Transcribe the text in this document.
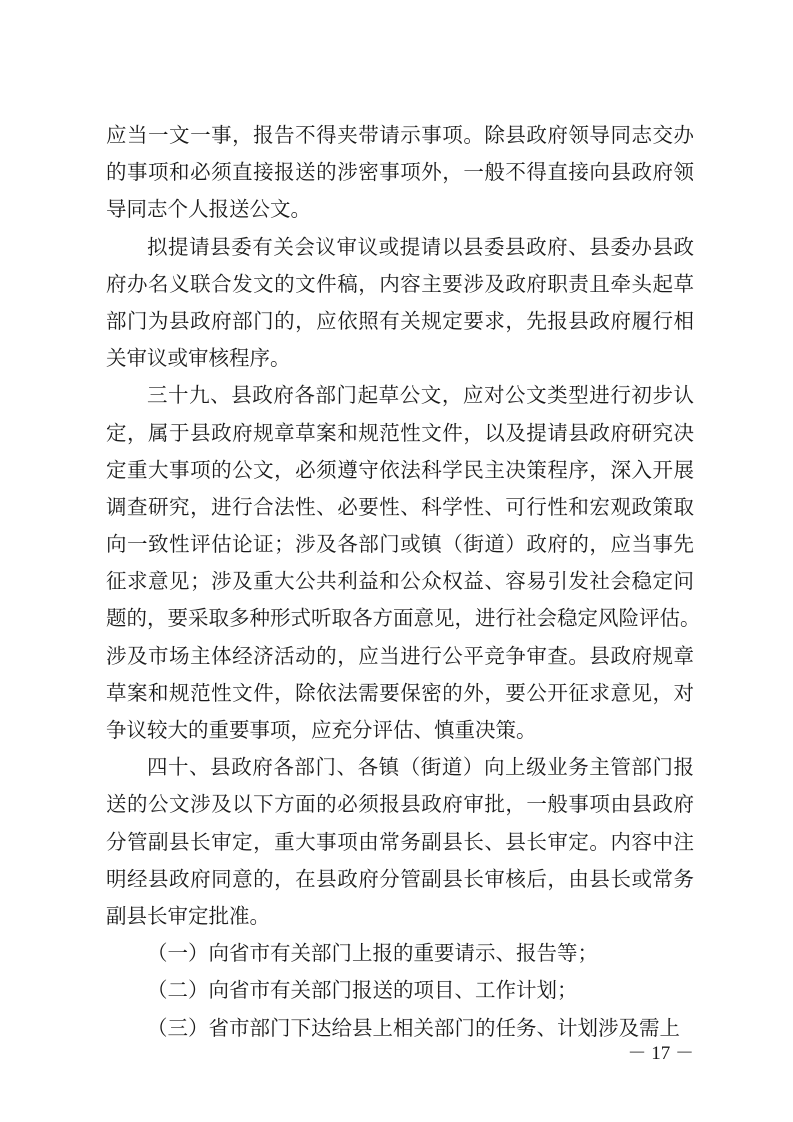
应当一文一事，报告不得夹带请示事项。除县政府领导同志交办
的事项和必须直接报送的涉密事项外，一般不得直接向县政府领
导同志个人报送公文。
拟提请县委有关会议审议或提请以县委县政府、县委办县政
府办名义联合发文的文件稿，内容主要涉及政府职责且牵头起草
部门为县政府部门的，应依照有关规定要求，先报县政府履行相
关审议或审核程序。
三十九、县政府各部门起草公文，应对公文类型进行初步认
定，属于县政府规章草案和规范性文件，以及提请县政府研究决
定重大事项的公文，必须遵守依法科学民主决策程序，深入开展
调查研究，进行合法性、必要性、科学性、可行性和宏观政策取
向一致性评估论证；涉及各部门或镇（街道）政府的，应当事先
征求意见；涉及重大公共利益和公众权益、容易引发社会稳定问
题的，要采取多种形式听取各方面意见，进行社会稳定风险评估。
涉及市场主体经济活动的，应当进行公平竞争审查。县政府规章
草案和规范性文件，除依法需要保密的外，要公开征求意见，对
争议较大的重要事项，应充分评估、慎重决策。
四十、县政府各部门、各镇（街道）向上级业务主管部门报
送的公文涉及以下方面的必须报县政府审批，一般事项由县政府
分管副县长审定，重大事项由常务副县长、县长审定。内容中注
明经县政府同意的，在县政府分管副县长审核后，由县长或常务
副县长审定批准。
（一）向省市有关部门上报的重要请示、报告等；
（二）向省市有关部门报送的项目、工作计划；
（三）省市部门下达给县上相关部门的任务、计划涉及需上
－ 17 －
